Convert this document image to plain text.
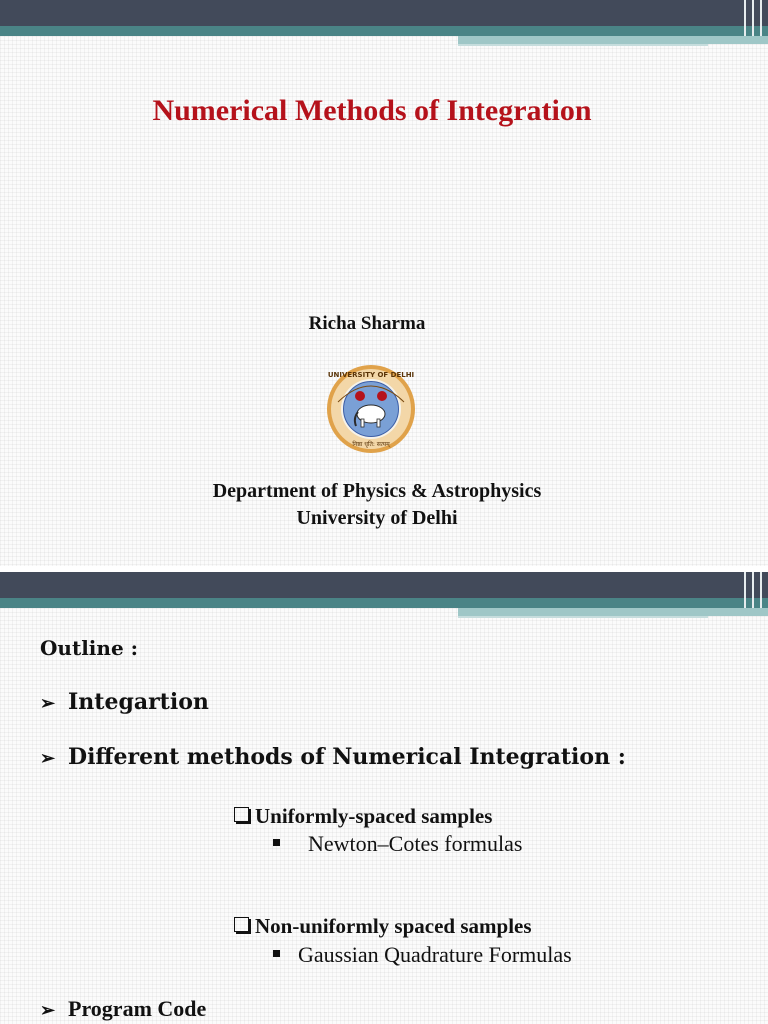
Numerical Methods of Integration
Richa Sharma
UNIVERSITY OF DELHI
निष्ठा धृति: सत्यम्
Department of Physics & Astrophysics
University of Delhi
Outline :
➢ Integartion
➢ Different methods of Numerical Integration :
Uniformly-spaced samples
Newton–Cotes formulas
Non-uniformly spaced samples
Gaussian Quadrature Formulas
➢ Program Code
